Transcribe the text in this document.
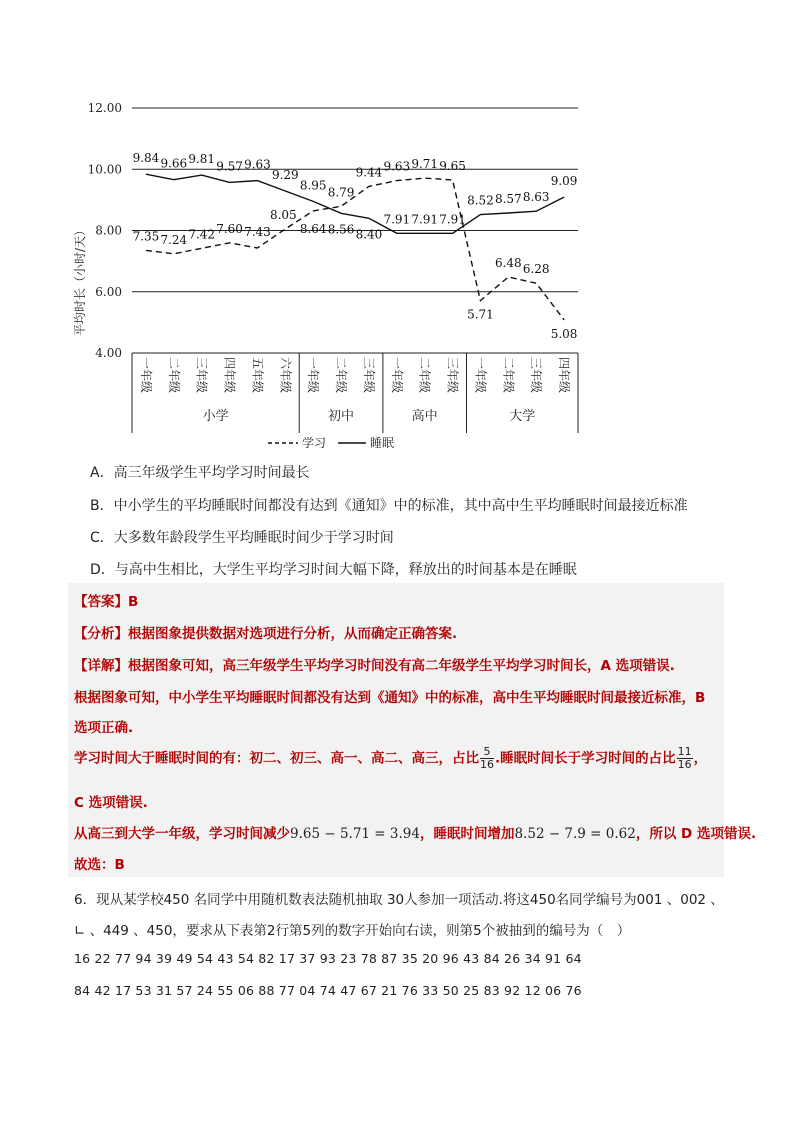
4.00
6.00
8.00
10.00
12.00
平均时长（小时/天）
一年级 二年级 三年级 四年级 五年级 六年级 一年级 二年级 三年级 一年级 二年级 三年级 一年级 二年级 三年级 四年级
小学	初中	高中	大学
7.35 7.24 7.42 7.60 7.43
8.05
8.64
8.79
9.44 9.63 9.71 9.65
5.71
6.48 6.28
5.08
9.84 9.66 9.81
9.57 9.63
9.29
8.95
8.56 8.40
7.91 7.91 7.91
8.52 8.57 8.63
9.09
学习	睡眠
A．高三年级学生平均学习时间最长
B．中小学生的平均睡眠时间都没有达到《通知》中的标准，其中高中生平均睡眠时间最接近标准
C．大多数年龄段学生平均睡眠时间少于学习时间
D．与高中生相比，大学生平均学习时间大幅下降，释放出的时间基本是在睡眠
【答案】B
【分析】根据图象提供数据对选项进行分析，从而确定正确答案.
【详解】根据图象可知，高三年级学生平均学习时间没有高二年级学生平均学习时间长，A 选项错误.
根据图象可知，中小学生平均睡眠时间都没有达到《通知》中的标准，高中生平均睡眠时间最接近标准，B
选项正确.
学习时间大于睡眠时间的有：初二、初三、高一、高二、高三，占比 $\frac{5}{16}$ .睡眠时间长于学习时间的占比 $\frac{11}{16}$ ，
C 选项错误.
从高三到大学一年级，学习时间减少9.65 − 5.71 = 3.94，睡眠时间增加8.52 − 7.9 = 0.62，所以 D 选项错误.
故选：B
6．现从某学校450 名同学中用随机数表法随机抽取 30人参加一项活动.将这450名同学编号为001 、002 、
∟ 、449 、450，要求从下表第2行第5列的数字开始向右读，则第5个被抽到的编号为（　）
16 22 77 94 39 49 54 43 54 82 17 37 93 23 78 87 35 20 96 43 84 26 34 91 64
84 42 17 53 31 57 24 55 06 88 77 04 74 47 67 21 76 33 50 25 83 92 12 06 76
